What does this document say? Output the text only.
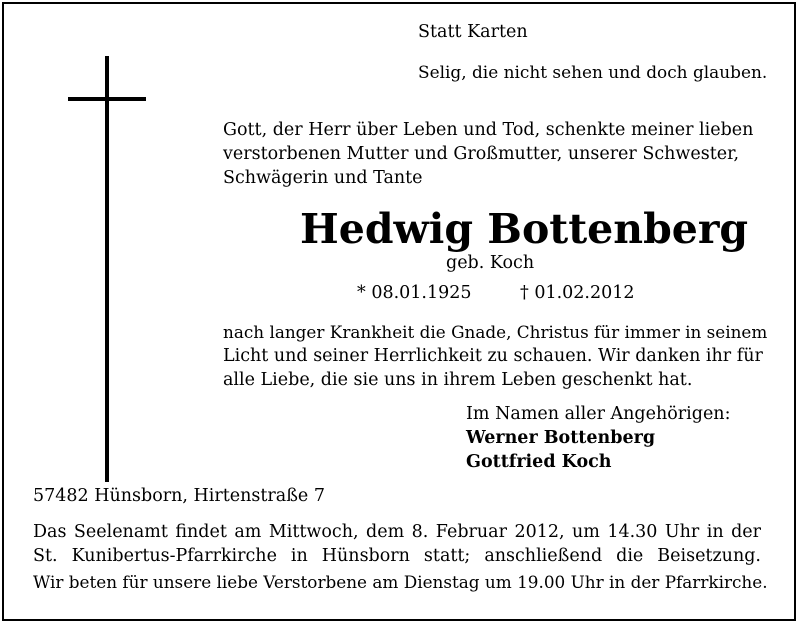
Statt Karten

Selig, die nicht sehen und doch glauben.

Gott, der Herr über Leben und Tod, schenkte meiner lieben

verstorbenen Mutter und Großmutter, unserer Schwester,

Schwägerin und Tante

Hedwig Bottenberg

geb. Koch

* 08.01.1925	† 01.02.2012

nach langer Krankheit die Gnade, Christus für immer in seinem

Licht und seiner Herrlichkeit zu schauen. Wir danken ihr für

alle Liebe, die sie uns in ihrem Leben geschenkt hat.

Im Namen aller Angehörigen:

Werner Bottenberg

Gottfried Koch

57482 Hünsborn, Hirtenstraße 7

Das Seelenamt findet am Mittwoch, dem 8. Februar 2012, um 14.30 Uhr in der

St. Kunibertus-Pfarrkirche in Hünsborn statt; anschließend die Beisetzung.

Wir beten für unsere liebe Verstorbene am Dienstag um 19.00 Uhr in der Pfarrkirche.
